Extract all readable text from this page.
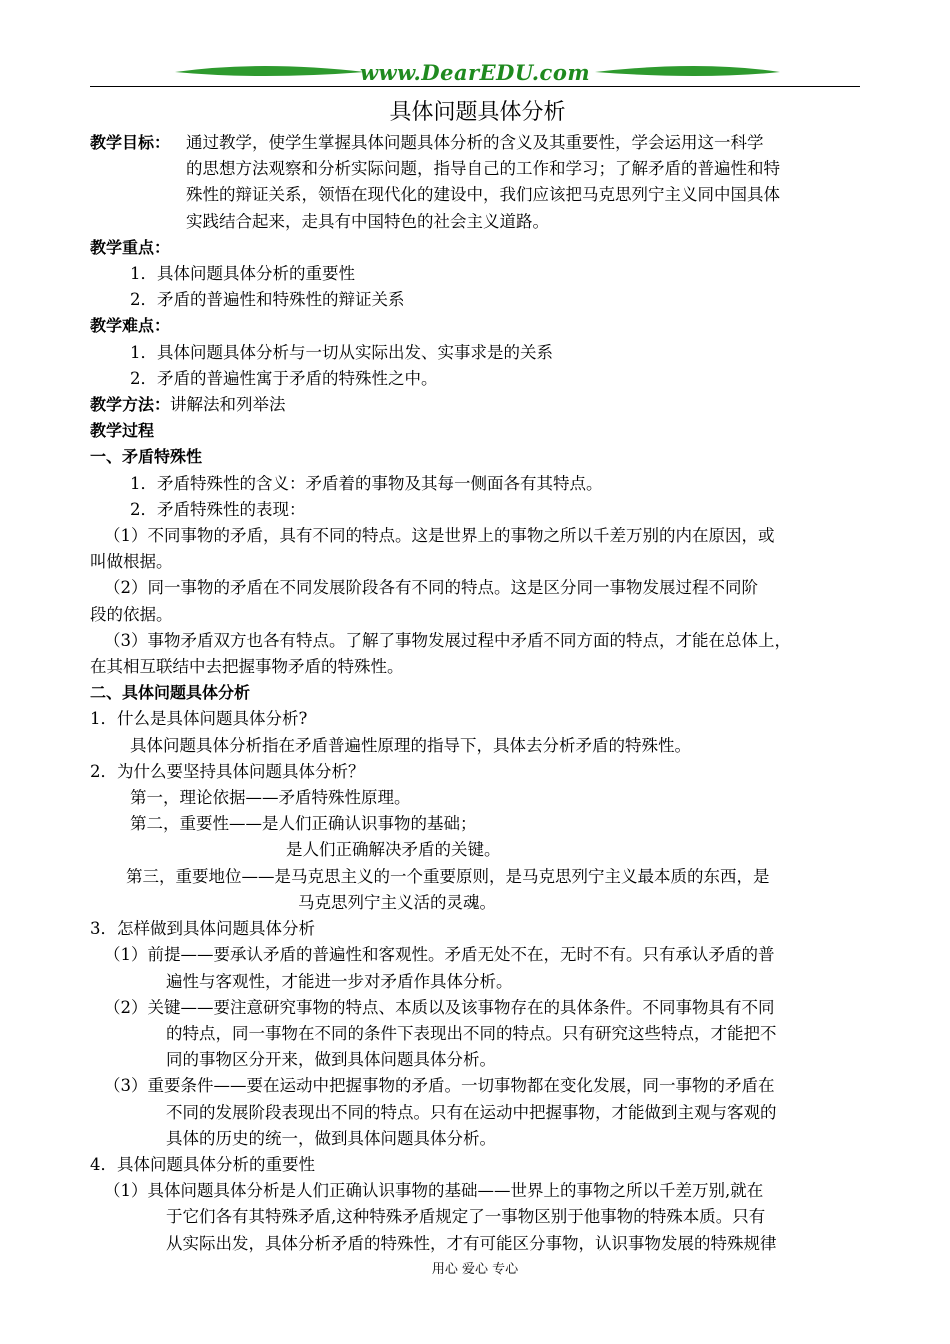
www.DearEDU.com
具体问题具体分析
教学目标： 通过教学，使学生掌握具体问题具体分析的含义及其重要性，学会运用这一科学
的思想方法观察和分析实际问题，指导自己的工作和学习；了解矛盾的普遍性和特
殊性的辩证关系，领悟在现代化的建设中，我们应该把马克思列宁主义同中国具体
实践结合起来，走具有中国特色的社会主义道路。
教学重点：
1．具体问题具体分析的重要性
2．矛盾的普遍性和特殊性的辩证关系
教学难点：
1．具体问题具体分析与一切从实际出发、实事求是的关系
2．矛盾的普遍性寓于矛盾的特殊性之中。
教学方法：讲解法和列举法
教学过程
一、矛盾特殊性
1．矛盾特殊性的含义：矛盾着的事物及其每一侧面各有其特点。
2．矛盾特殊性的表现：
（1）不同事物的矛盾，具有不同的特点。这是世界上的事物之所以千差万别的内在原因，或
叫做根据。
（2）同一事物的矛盾在不同发展阶段各有不同的特点。这是区分同一事物发展过程不同阶
段的依据。
（3）事物矛盾双方也各有特点。了解了事物发展过程中矛盾不同方面的特点，才能在总体上，
在其相互联结中去把握事物矛盾的特殊性。
二、具体问题具体分析
1．什么是具体问题具体分析?
具体问题具体分析指在矛盾普遍性原理的指导下，具体去分析矛盾的特殊性。
2．为什么要坚持具体问题具体分析？
第一，理论依据——矛盾特殊性原理。
第二，重要性——是人们正确认识事物的基础；
是人们正确解决矛盾的关键。
第三，重要地位——是马克思主义的一个重要原则，是马克思列宁主义最本质的东西，是
马克思列宁主义活的灵魂。
3．怎样做到具体问题具体分析
（1）前提——要承认矛盾的普遍性和客观性。矛盾无处不在，无时不有。只有承认矛盾的普
遍性与客观性，才能进一步对矛盾作具体分析。
（2）关键——要注意研究事物的特点、本质以及该事物存在的具体条件。不同事物具有不同
的特点，同一事物在不同的条件下表现出不同的特点。只有研究这些特点，才能把不
同的事物区分开来，做到具体问题具体分析。
（3）重要条件——要在运动中把握事物的矛盾。一切事物都在变化发展，同一事物的矛盾在
不同的发展阶段表现出不同的特点。只有在运动中把握事物，才能做到主观与客观的
具体的历史的统一，做到具体问题具体分析。
4．具体问题具体分析的重要性
（1）具体问题具体分析是人们正确认识事物的基础——世界上的事物之所以千差万别,就在
于它们各有其特殊矛盾,这种特殊矛盾规定了一事物区别于他事物的特殊本质。只有
从实际出发，具体分析矛盾的特殊性，才有可能区分事物，认识事物发展的特殊规律
用心 爱心 专心
